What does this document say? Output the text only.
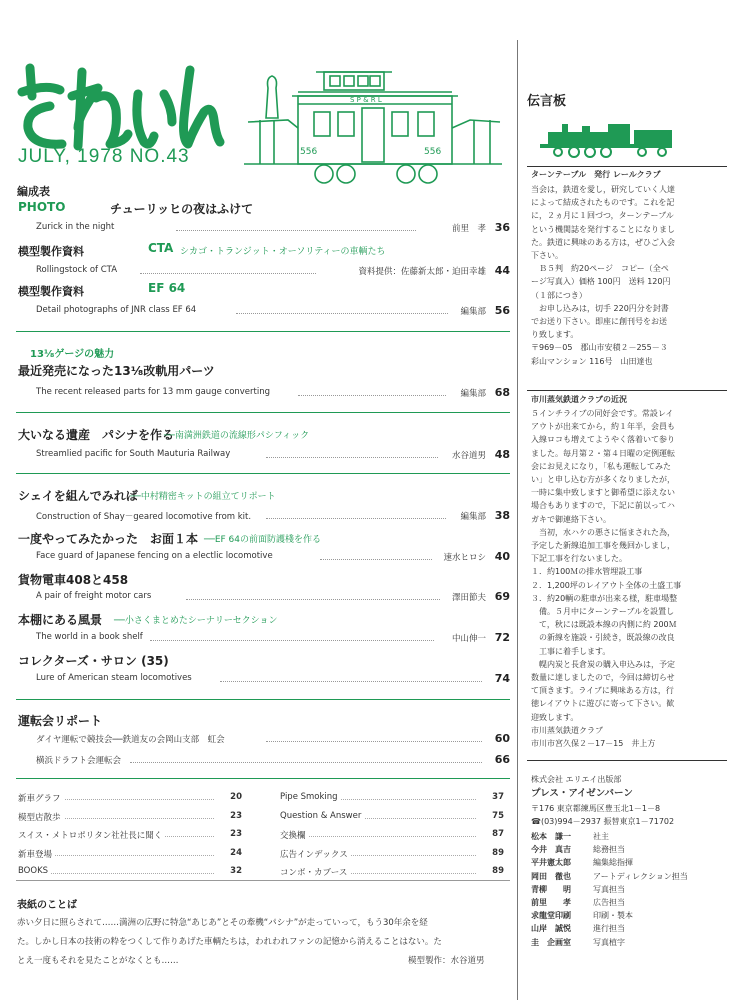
JULY, 1978 NO.43
S P & R L
556	556
編成表
PHOTO	チューリッヒの夜はふけて
Zurick in the night	前里　孝 36
模型製作資料	CTA シカゴ・トランジット・オーソリティーの車輌たち
Rollingstock of CTA	資料提供：佐藤新太郎・迫田幸雄 44
模型製作資料	EF 64
Detail photographs of JNR class EF 64	編集部 56
13¹⁄₈ゲージの魅力
最近発売になった13¹⁄₈改軌用パーツ
The recent released parts for 13 mm gauge converting	編集部 68
大いなる遺産　パシナを作る
──南満洲鉄道の流線形パシフィック
Streamlied pacific for South Mauturia Railway	水谷道男 48
シェイを組んでみれば
──中村精密キットの組立てリポート
Construction of Shay－geared locomotive from kit.	編集部 38
一度やってみたかった　お面１本 ──EF 64の前面防護棧を作る
Face guard of Japanese fencing on a electlic locomotive	速水ヒロシ 40
貨物電車408と458
A pair of freight motor cars	澤田節夫 69
本棚にある風景 ──小さくまとめたシーナリーセクション
The world in a book shelf	中山伸一 72
コレクターズ・サロン (35)
Lure of American steam locomotives	74
運転会リポート
ダイヤ運転で競技会──鉄道友の会岡山支部　虹会	60
横浜ドラフト会運転会	66
新車グラフ	20
模型店散歩	23
スイス・メトロポリタン社社長に聞く	23
新車登場	24
BOOKS	32
Pipe Smoking	37
Question & Answer	75
交換欄	87
広告インデックス	89
コンボ・カブース	89
表紙のことば
赤い夕日に照らされて……満洲の広野に特急“あじあ”とその牽機“パシナ”が走っていって，もう30年余を経
た。しかし日本の技術の粋をつくして作りあげた車輌たちは，われわれファンの記憶から消えることはない。た
とえ一度もそれを見たことがなくとも……	模型製作：水谷道男
伝言板
ターンテーブル　発行 レールクラブ
当会は，鉄道を愛し，研究していく人達
によって結成されたものです。これを記
に，２ヵ月に１回づつ，ターンテーブル
という機関誌を発行することになりまし
た。鉄道に興味のある方は，ぜひご入会
下さい。
　Ｂ５判　約20ページ　コピー（全ペ
ージ写真入）価格 100円　送料 120円
（１部につき）
　お申し込みは，切手 220円分を封書
でお送り下さい。即座に創刊号をお送
り致します。
〒969－05　郡山市安積２－255－３
彩山マンション 116号　山田達也
市川蒸気鉄道クラブの近況
５インチライブの同好会です。常設レイ
アウトが出来てから，約１年半，会員も
入線ロコも増えてようやく落着いて参り
ました。毎月第２・第４日曜の定例運転
会にお見えになり，「私も運転してみた
い」と申し込む方が多くなりましたが，
一時に集中致しますと御希望に添えない
場合もありますので，下記に前以ってハ
ガキで御連絡下さい。
　当初，水ハケの悪さに悩まされた為，
予定した新線追加工事を幾回かしまし，
下記工事を行ないました。
１．約100Ｍの排水管埋設工事
２．1,200坪のレイアウト全体の土盛工事
３．約20輌の駐車が出来る様，駐車場整
　備。５月中にターンテーブルを設置し
　て，秋には既設本線の内側に約 200Ｍ
　の新線を施設・引続き，既設線の改良
　工事に着手します。
　幌内炭と長倉炭の購入申込みは，予定
数量に達しましたので，今回は締切らせ
て頂きます。ライブに興味ある方は，行
徳レイアウトに遊びに寄って下さい。歓
迎致します。
市川蒸気鉄道クラブ
市川市宮久保２－17－15　井上方
株式会社 エリエイ出版部
プレス・アイゼンバーン
〒176 東京都練馬区豊玉北1－1－8
☎(03)994－2937 振替東京1－71702
松本　謙一	社主
今井　真吉	総務担当
平井憲太郎	編集総指揮
岡田　徹也	アートディレクション担当
青柳　　明	写真担当
前里　　孝	広告担当
求龍堂印刷	印刷・製本
山岸　誠悦	進行担当
圭　企画室	写真植字
